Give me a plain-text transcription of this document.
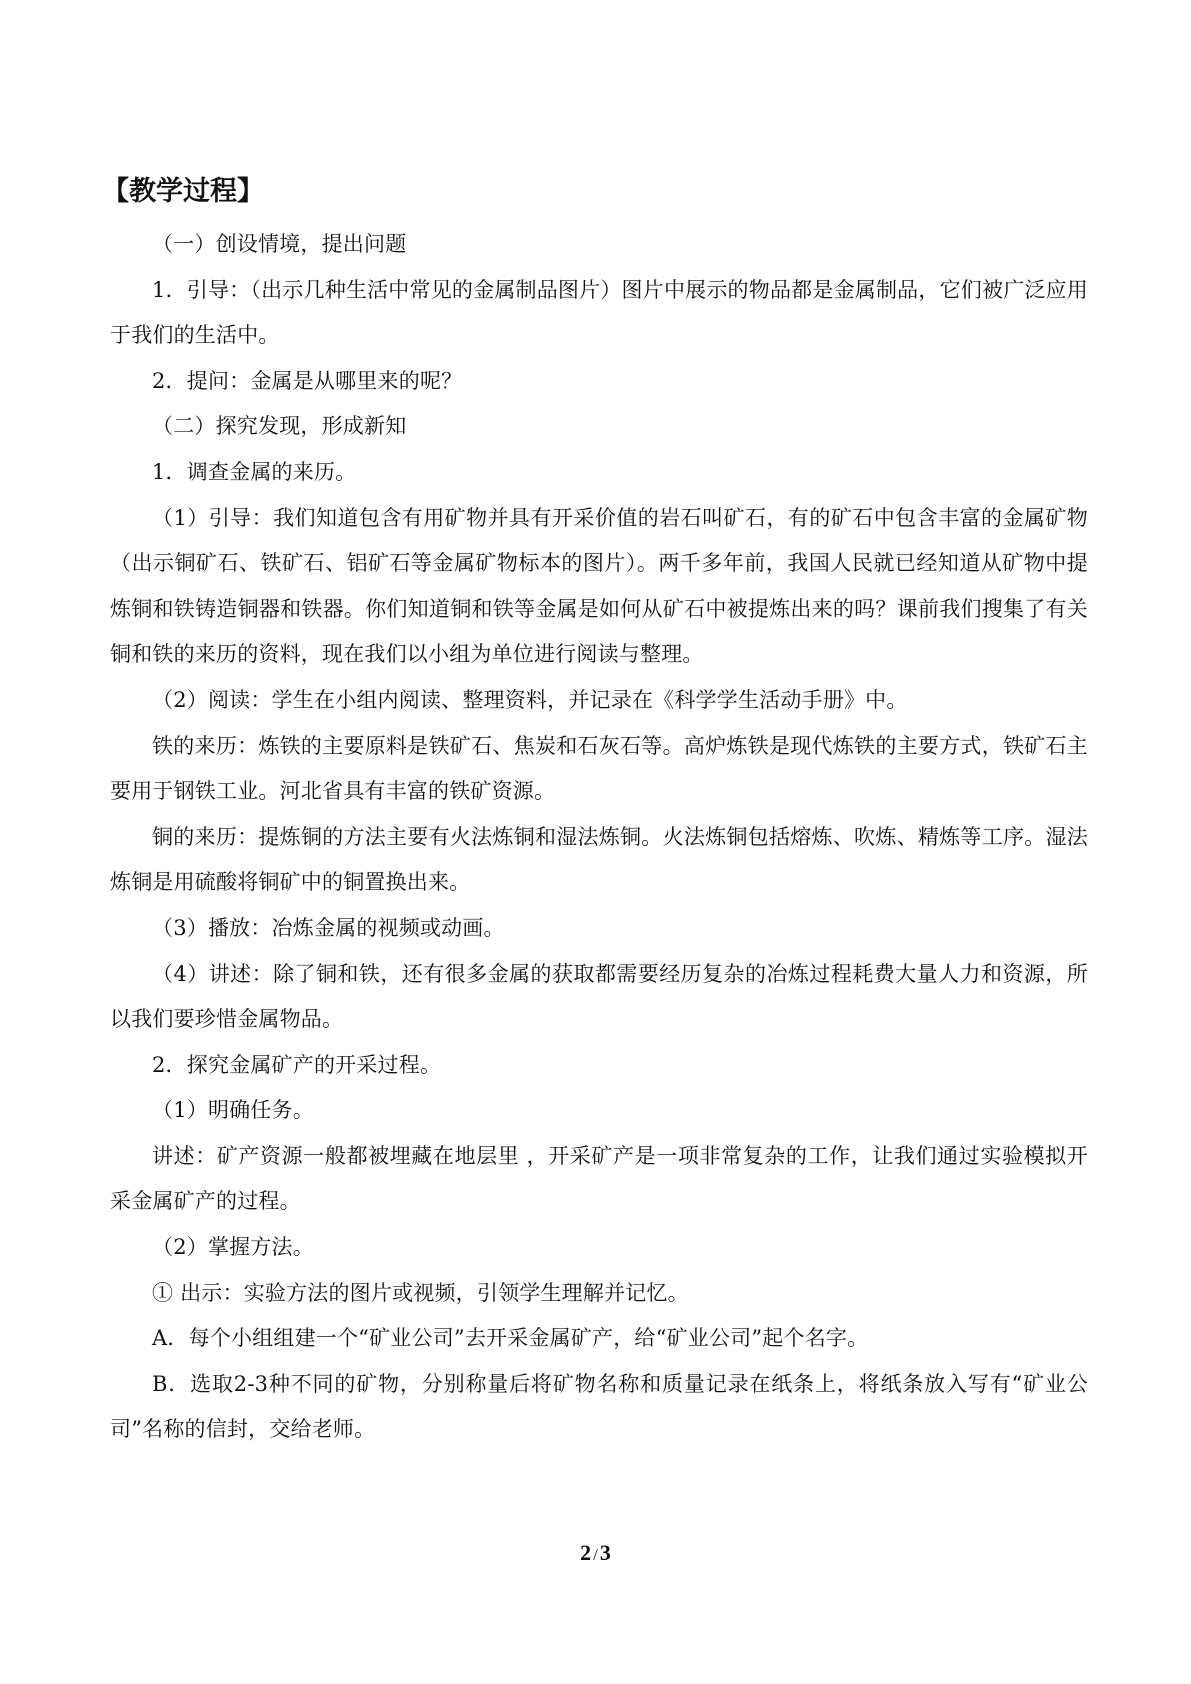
【教学过程】

（一）创设情境，提出问题

1．引导：（出示几种生活中常见的金属制品图片）图片中展示的物品都是金属制品，它们被广泛应用于我们的生活中。

2．提问：金属是从哪里来的呢？

（二）探究发现，形成新知

1．调查金属的来历。

（1）引导：我们知道包含有用矿物并具有开采价值的岩石叫矿石，有的矿石中包含丰富的金属矿物（出示铜矿石、铁矿石、铝矿石等金属矿物标本的图片）。两千多年前，我国人民就已经知道从矿物中提炼铜和铁铸造铜器和铁器。你们知道铜和铁等金属是如何从矿石中被提炼出来的吗？课前我们搜集了有关铜和铁的来历的资料，现在我们以小组为单位进行阅读与整理。

（2）阅读：学生在小组内阅读、整理资料，并记录在《科学学生活动手册》中。

铁的来历：炼铁的主要原料是铁矿石、焦炭和石灰石等。高炉炼铁是现代炼铁的主要方式，铁矿石主要用于钢铁工业。河北省具有丰富的铁矿资源。

铜的来历：提炼铜的方法主要有火法炼铜和湿法炼铜。火法炼铜包括熔炼、吹炼、精炼等工序。湿法炼铜是用硫酸将铜矿中的铜置换出来。

（3）播放：冶炼金属的视频或动画。

（4）讲述：除了铜和铁，还有很多金属的获取都需要经历复杂的冶炼过程耗费大量人力和资源，所以我们要珍惜金属物品。

2．探究金属矿产的开采过程。

（1）明确任务。

讲述：矿产资源一般都被埋藏在地层里 ，开采矿产是一项非常复杂的工作，让我们通过实验模拟开采金属矿产的过程。

（2）掌握方法。

① 出示：实验方法的图片或视频，引领学生理解并记忆。

A．每个小组组建一个“矿业公司”去开采金属矿产，给“矿业公司”起个名字。

B．选取2-3种不同的矿物，分别称量后将矿物名称和质量记录在纸条上，将纸条放入写有“矿业公司”名称的信封，交给老师。

2 /3
